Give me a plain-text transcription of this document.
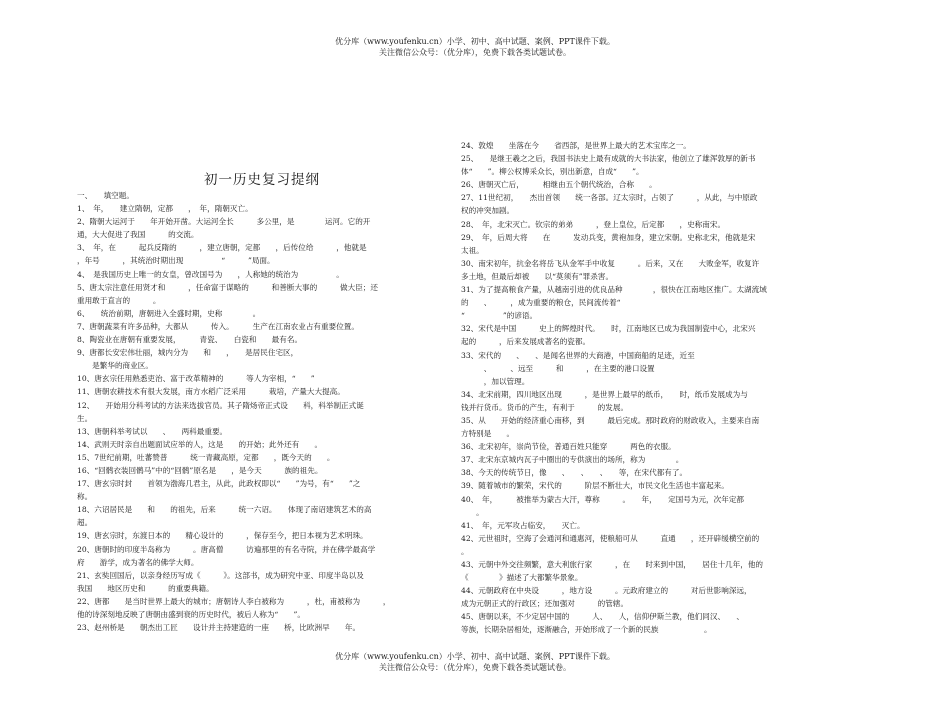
优分库（www.youfenku.cn）小学、初中、高中试题、案例、PPT课件下载。
关注微信公众号：（优分库），免费下载各类试题试卷。
初一历史复习提纲
一、　　填空题。
1、　年，　　建立隋朝，定都　　，　年，隋朝灭亡。
2、隋朝大运河于　　年开始开凿。大运河全长　　　多公里，是　　　　运河。它的开
通，大大促进了我国　　　的交流。
3、　年，在　　　起兵反隋的　　　，建立唐朝，定都　　，后传位给　　　，他就是
，年号　　　，其统治时期出现　　　　　“　　　”局面。
4、　是我国历史上唯一的女皇，曾改国号为　　，人称她的统治为　　　　　。
5、唐太宗注意任用贤才和　　　，任命富于谋略的　　　和善断大事的　　　做大臣；还
重用敢于直言的　　　。
6、　　统治前期，唐朝进入全盛时期，史称　　　　。
7、唐朝蔬菜有许多品种，大都从　　　传入。　　　生产在江南农业占有重要位置。
8、陶瓷业在唐朝有重要发展，　　　青瓷、　　白瓷和　　最有名。
9、唐都长安宏伟壮丽，城内分为　　和　　，　　是居民住宅区，
　　是繁华的商业区。
10、唐玄宗任用熟悉吏治、富于改革精神的　　　等人为宰相，“　　”
11、唐朝农耕技术有很大发展，南方水稻广泛采用　　　栽培，产量大大提高。
12、　　开始用分科考试的方法来选拔官员。其子隋炀帝正式设　　科，科举制正式诞
生。
13、唐朝科举考试以　　、　　两科最重要。
14、武则天时亲自出题面试应举的人，这是　　的开始；此外还有　　。
15、7世纪前期，吐蕃赞普　　　统一青藏高原，定都　　，既今天的　　。
16、“回鹘衣装回鹘马”中的“回鹘”原名是　　，是今天　　　族的祖先。
17、唐玄宗时封　　首领为渤海几君主，从此，此政权即以“　　”为号，有“　　”之
称。
18、六诏居民是　　和　　的祖先，后来　　　统一六诏。　　体现了南诏建筑艺术的高
超。
19、唐玄宗时，东渡日本的　　精心设计的　　　，保存至今，把日本视为艺术明珠。
20、唐朝时的印度半岛称为　　　。唐高僧　　　访遍那里的有名寺院，并在佛学最高学
府　　游学，成为著名的佛学大师。
21、玄奘回国后，以亲身经历写成《　　　》。这部书，成为研究中亚、印度半岛以及
我国　　地区历史和　　　的重要典籍。
22、唐都　　是当时世界上最大的城市；唐朝诗人李白被称为　　　，杜，甫被称为　　　，
他的诗深刻地反映了唐朝由盛到衰的历史时代，被后人称为“　　”。
23、赵州桥是　　朝杰出工匠　　设计并主持建造的一座　　桥，比欧洲早　　年。
24、敦煌　　坐落在今　　省西部，是世界上最大的艺术宝库之一。
25、　　是继王羲之之后，我国书法史上最有成就的大书法家，他创立了雄浑敦厚的新书
体“　　”。柳公权博采众长，别出新意，自成“　　”。
26、唐朝灭亡后，　　　相继由五个朝代统治，合称　　。
27、11世纪初，　　杰出首领　　统一各部。辽太宗时，占领了　　　，从此，与中原政
权的冲突加剧。
28、　年，北宋灭亡。钦宗的弟弟　　　，登上皇位，后定都　　，史称南宋。
29、　年，后周大将　　在　　　发动兵变，黄袍加身，建立宋朝。史称北宋，他就是宋
太祖。
30、南宋初年，抗金名将岳飞从金军手中收复　　　。后来，又在　　大败金军，收复许
多土地，但最后却被　　以“莫须有”罪杀害。
31、为了提高粮食产量，从越南引进的优良品种　　　　，很快在江南地区推广。太湖流域
的　　、　　　，成为重要的粮仓，民间流传着“
“　　　　　”的谚语。
32、宋代是中国　　　史上的辉煌时代。　　时，江南地区已成为我国制瓷中心，北宋兴
起的　　　，后来发展成著名的瓷都。
33、宋代的　　、　　、是闻名世界的大商港，中国商船的足迹，近至
　　　、　　　、远至　　　和　　　，在主要的港口设置
　　　，加以管理。
34、北宋前期，四川地区出现　　　，是世界上最早的纸币，　　时，纸币发展成为与
钱并行货币。货币的产生，有利于　　　的发展。
35、从　　开始的经济重心南移，到　　　最后完成。那时政府的财政收入，主要来自南
方特别是　　。
36、北宋初年，崇尚节俭，普通百姓只能穿　　　两色的衣服。
37、北宋东京城内瓦子中圈出的专供演出的场所，称为　　　　。
38、今天的传统节日，像　　、　　、　　、　　等，在宋代都有了。
39、随着城市的繁荣，宋代的　　　阶层不断壮大，市民文化生活也丰富起来。
40、　年，　　　被推举为蒙古大汗，尊称　　　。　　年，　　定国号为元，次年定都
　　。
41、　年，元军攻占临安，　　灭亡。
42、元世祖时，空海了会通河和通惠河，使粮船可从　　　直通　　，还开辟缓横空前的
。
43、元朝中外交往频繁，意大利旅行家　　　，在　　时来到中国，　　居住十几年，他的
《　　　　》描述了大都繁华景象。
44、元朝政府在中央设　　　，地方设　　　。元政府建立的　　　对后世影响深远，
成为元朝正式的行政区；还加强对　　　的管辖。
45、唐朝以来，不少定居中国的　　　人、　　人，信仰伊斯兰教，他们同汉、　　、
等族，长期杂居相处，逐渐融合，开始形成了一个新的民族　　　　　　。
优分库（www.youfenku.cn）小学、初中、高中试题、案例、PPT课件下载。
关注微信公众号：（优分库），免费下载各类试题试卷。
